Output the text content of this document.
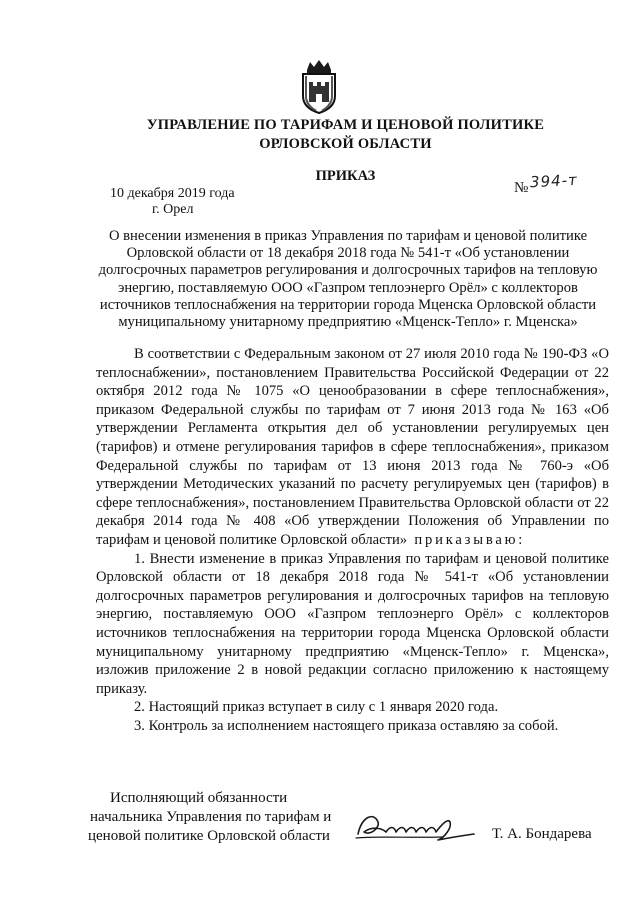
УПРАВЛЕНИЕ ПО ТАРИФАМ И ЦЕНОВОЙ ПОЛИТИКЕ
ОРЛОВСКОЙ ОБЛАСТИ
ПРИКАЗ
10 декабря 2019 года
г. Орел
№ 394-т
О внесении изменения в приказ Управления по тарифам и ценовой политике
Орловской области от 18 декабря 2018 года № 541-т «Об установлении
долгосрочных параметров регулирования и долгосрочных тарифов на тепловую
энергию, поставляемую ООО «Газпром теплоэнерго Орёл» с коллекторов
источников теплоснабжения на территории города Мценска Орловской области
муниципальному унитарному предприятию «Мценск-Тепло» г. Мценска»

В соответствии с Федеральным законом от 27 июля 2010 года № 190-ФЗ «О теплоснабжении», постановлением Правительства Российской Федерации от 22 октября 2012 года № 1075 «О ценообразовании в сфере теплоснабжения», приказом Федеральной службы по тарифам от 7 июня 2013 года № 163 «Об утверждении Регламента открытия дел об установлении регулируемых цен (тарифов) и отмене регулирования тарифов в сфере теплоснабжения», приказом Федеральной службы по тарифам от 13 июня 2013 года № 760-э «Об утверждении Методических указаний по расчету регулируемых цен (тарифов) в сфере теплоснабжения», постановлением Правительства Орловской области от 22 декабря 2014 года № 408 «Об утверждении Положения об Управлении по тарифам и ценовой политике Орловской области» приказываю:

1. Внести изменение в приказ Управления по тарифам и ценовой политике Орловской области от 18 декабря 2018 года № 541-т «Об установлении долгосрочных параметров регулирования и долгосрочных тарифов на тепловую энергию, поставляемую ООО «Газпром теплоэнерго Орёл» с коллекторов источников теплоснабжения на территории города Мценска Орловской области муниципальному унитарному предприятию «Мценск-Тепло» г. Мценска», изложив приложение 2 в новой редакции согласно приложению к настоящему приказу.

2. Настоящий приказ вступает в силу с 1 января 2020 года.

3. Контроль за исполнением настоящего приказа оставляю за собой.

Исполняющий обязанности
начальника Управления по тарифам и
ценовой политике Орловской области	Т. А. Бондарева
